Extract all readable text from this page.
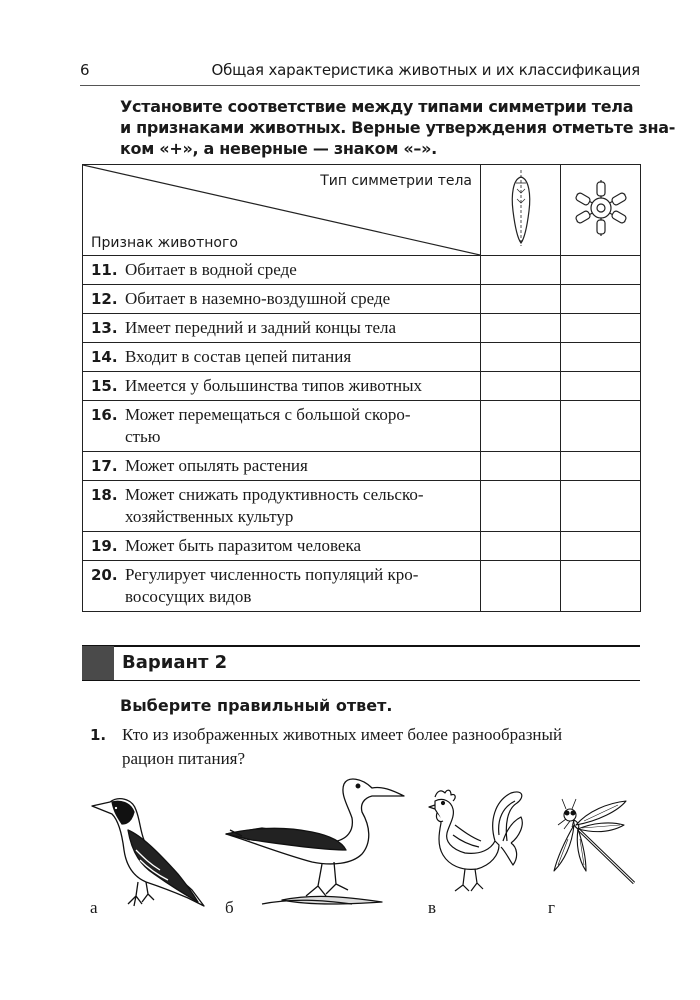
6	Общая характеристика животных и их классификация
Установите соответствие между типами симметрии тела
и признаками животных. Верные утверждения отметьте зна-
ком «+», а неверные — знаком «–».
Тип симметрии тела
Признак животного

11. Обитает в водной среде		

12. Обитает в наземно-воздушной среде		

13. Имеет передний и задний концы тела		

14. Входит в состав цепей питания		

15. Имеется у большинства типов животных		

16. Может перемещаться с большой скоро-
стью		

17. Может опылять растения		

18. Может снижать продуктивность сельско-
хозяйственных культур		

19. Может быть паразитом человека		

20. Регулирует численность популяций кро-
вососущих видов		

Вариант 2
Выберите правильный ответ.
1. Кто из изображенных животных имеет более разнообразный
рацион питания?
а	б	в	г
